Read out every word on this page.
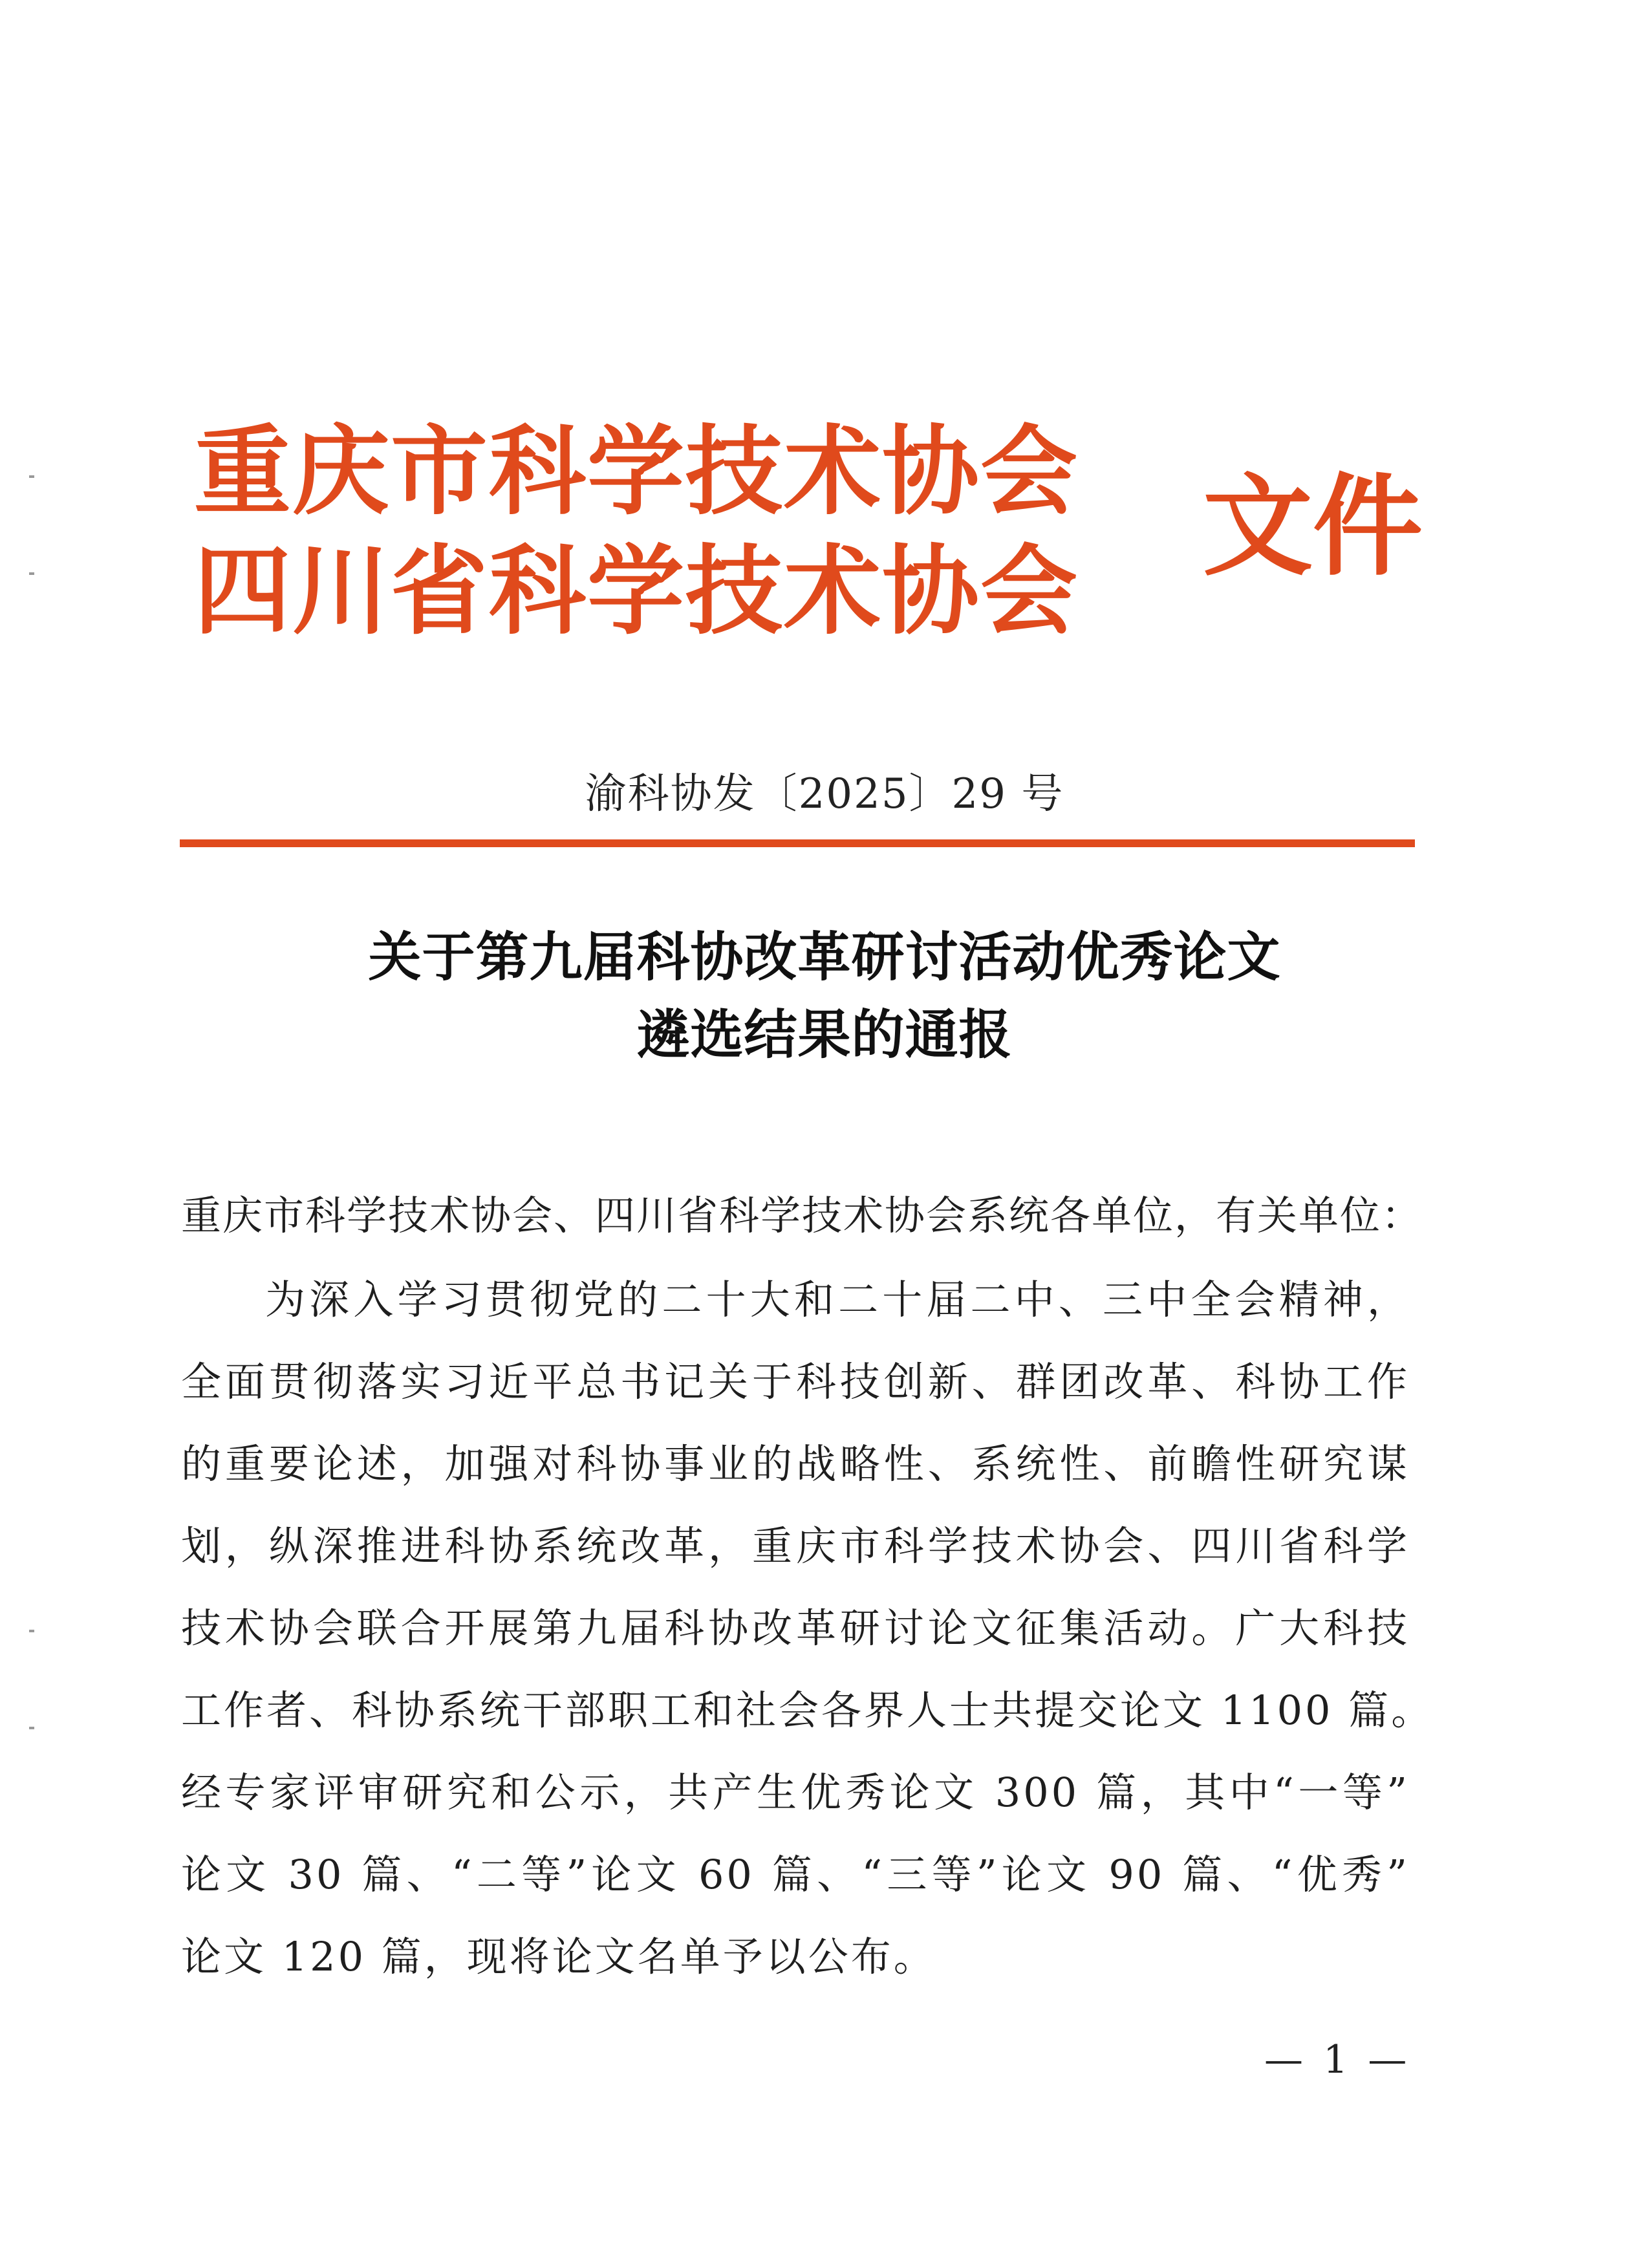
重庆市科学技术协会
四川省科学技术协会
文件
渝科协发〔2025〕29 号
关于第九届科协改革研讨活动优秀论文
遴选结果的通报
重庆市科学技术协会、四川省科学技术协会系统各单位，有关单位：
为深入学习贯彻党的二十大和二十届二中、三中全会精神，
全面贯彻落实习近平总书记关于科技创新、群团改革、科协工作
的重要论述，加强对科协事业的战略性、系统性、前瞻性研究谋
划，纵深推进科协系统改革，重庆市科学技术协会、四川省科学
技术协会联合开展第九届科协改革研讨论文征集活动。广大科技
工作者、科协系统干部职工和社会各界人士共提交论文 1100 篇。
经专家评审研究和公示，共产生优秀论文 300 篇，其中“一等”
论文 30 篇、“二等”论文 60 篇、“三等”论文 90 篇、“优秀”
论文 120 篇，现将论文名单予以公布。
— 1 —
